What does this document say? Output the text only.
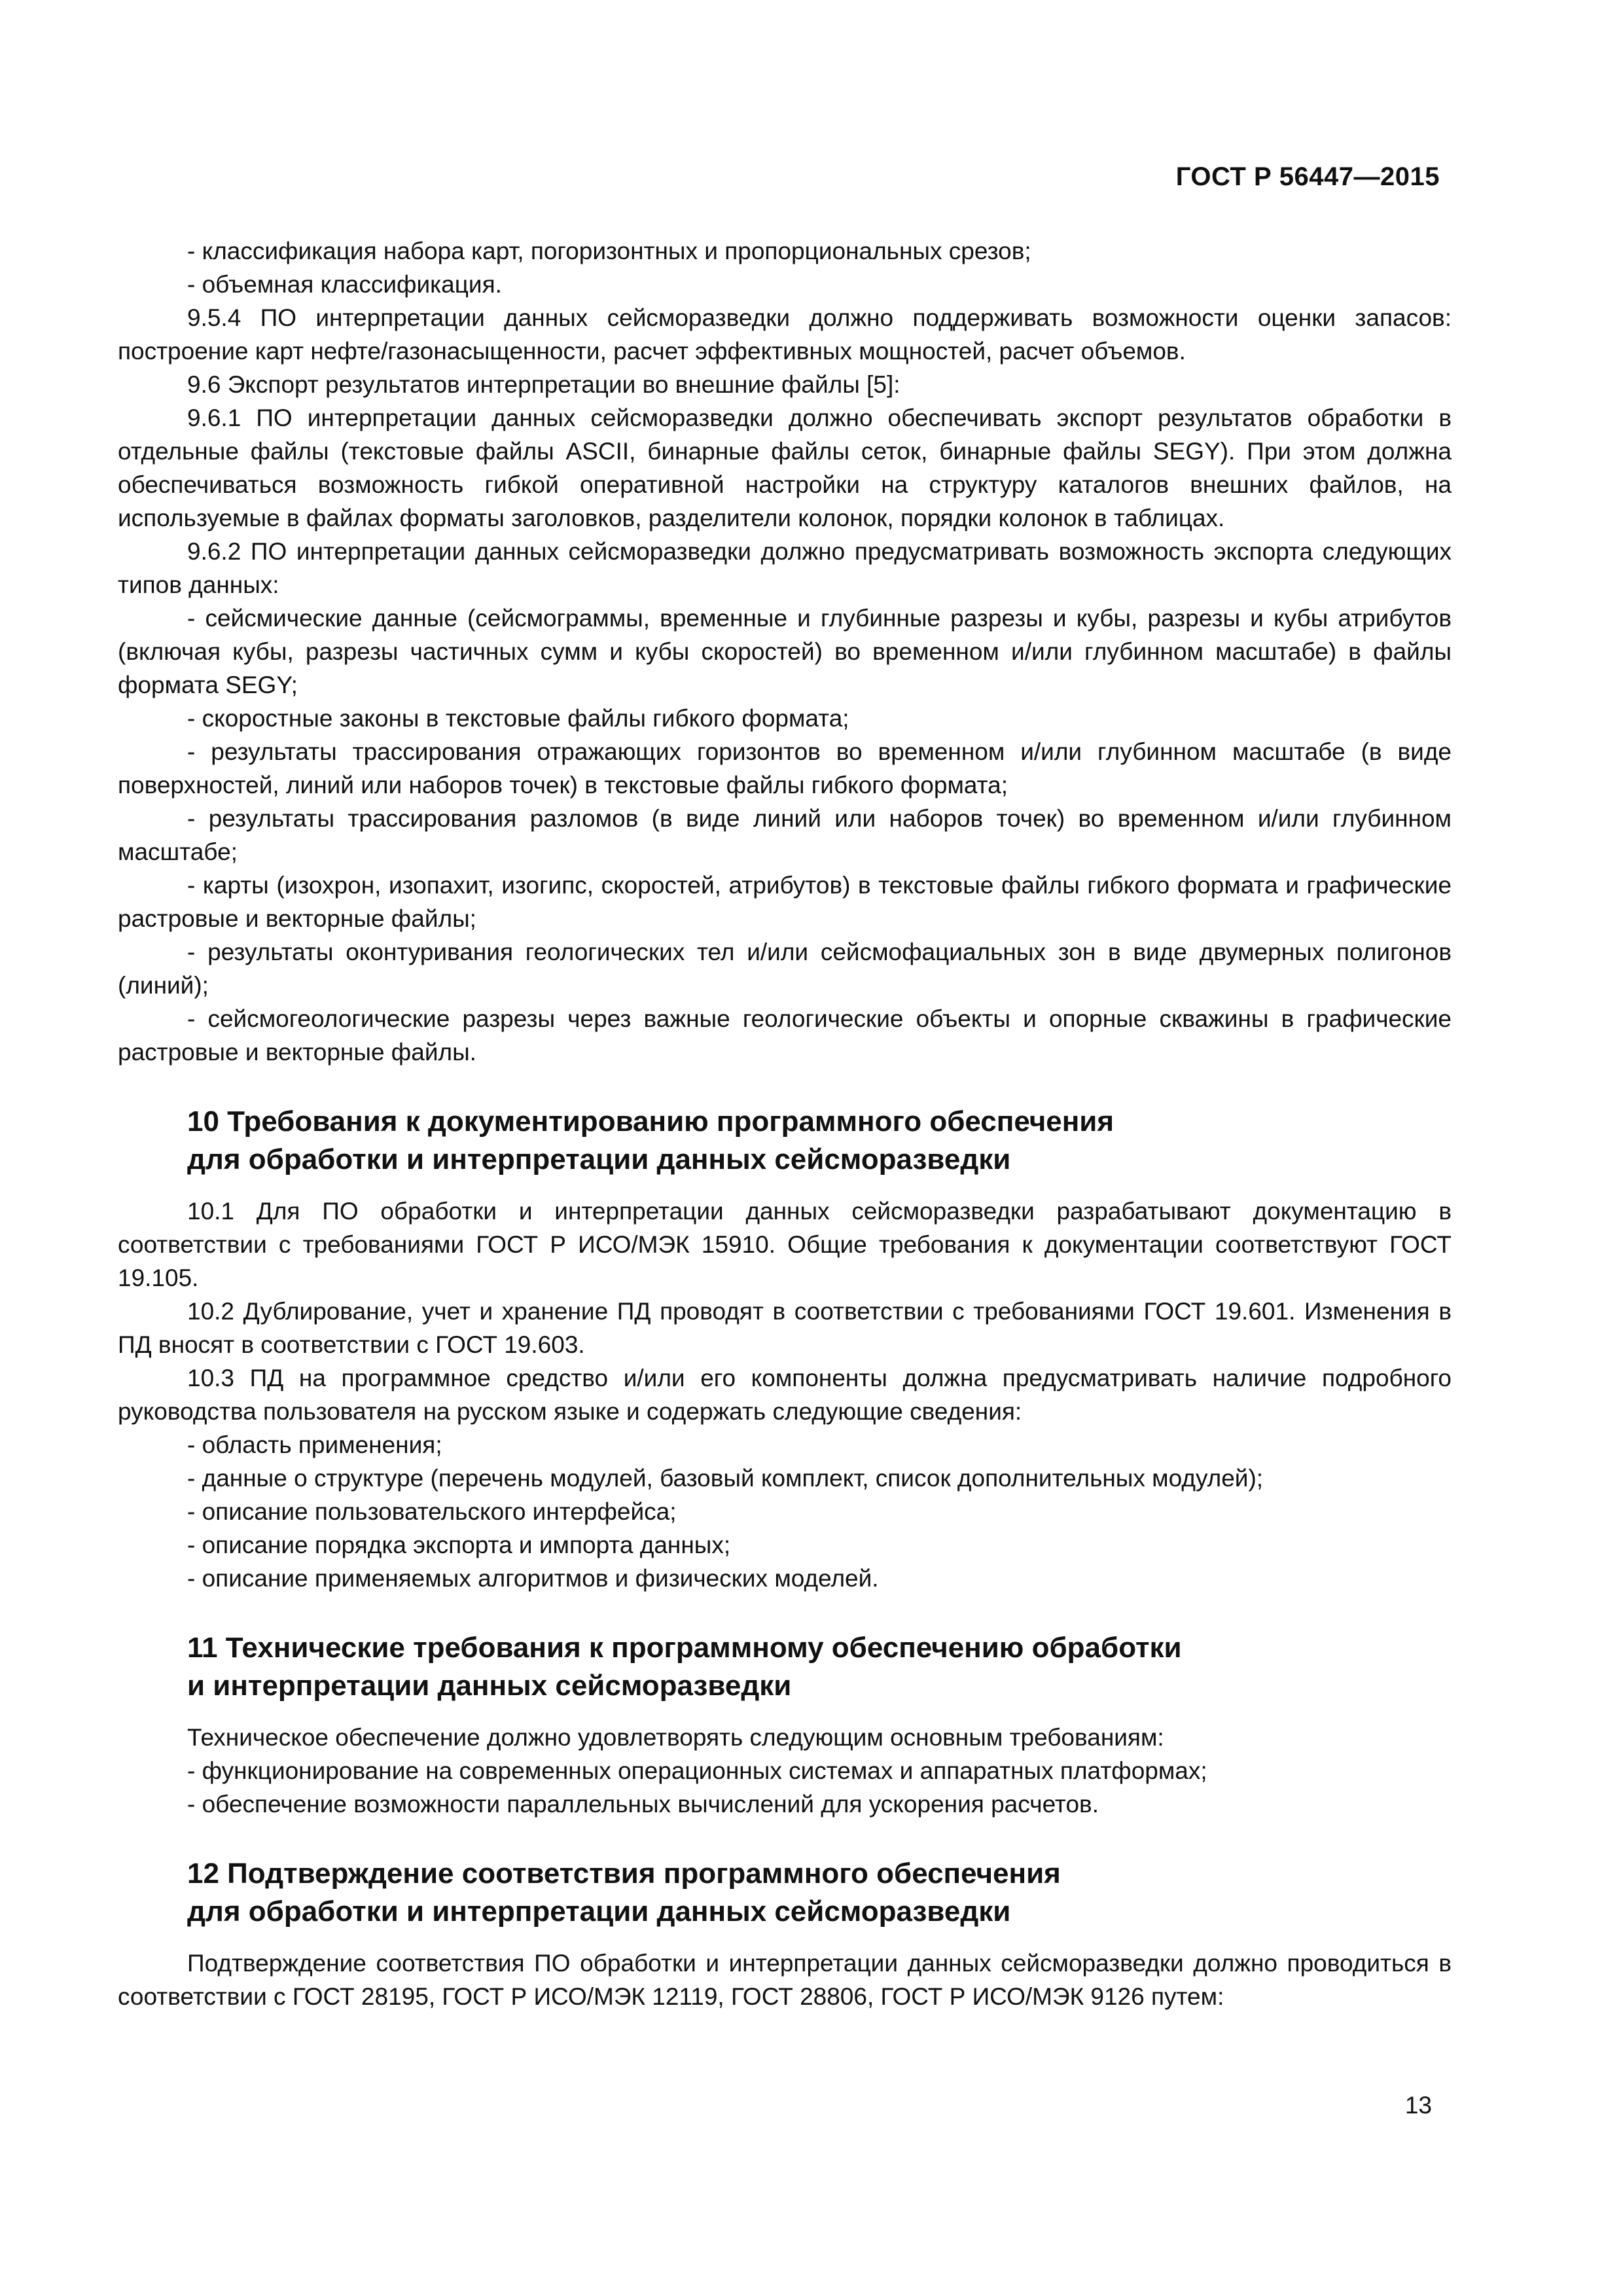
ГОСТ Р 56447—2015

- классификация набора карт, погоризонтных и пропорциональных срезов;

- объемная классификация.

9.5.4 ПО интерпретации данных сейсморазведки должно поддерживать возможности оценки запасов: построение карт нефте/газонасыщенности, расчет эффективных мощностей, расчет объемов.

9.6 Экспорт результатов интерпретации во внешние файлы [5]:

9.6.1 ПО интерпретации данных сейсморазведки должно обеспечивать экспорт результатов обработки в отдельные файлы (текстовые файлы ASCII, бинарные файлы сеток, бинарные файлы SEGY). При этом должна обеспечиваться возможность гибкой оперативной настройки на структуру каталогов внешних файлов, на используемые в файлах форматы заголовков, разделители колонок, порядки колонок в таблицах.

9.6.2 ПО интерпретации данных сейсморазведки должно предусматривать возможность экспорта следующих типов данных:

- сейсмические данные (сейсмограммы, временные и глубинные разрезы и кубы, разрезы и кубы атрибутов (включая кубы, разрезы частичных сумм и кубы скоростей) во временном и/или глубинном масштабе) в файлы формата SEGY;

- скоростные законы в текстовые файлы гибкого формата;

- результаты трассирования отражающих горизонтов во временном и/или глубинном масштабе (в виде поверхностей, линий или наборов точек) в текстовые файлы гибкого формата;

- результаты трассирования разломов (в виде линий или наборов точек) во временном и/или глубинном масштабе;

- карты (изохрон, изопахит, изогипс, скоростей, атрибутов) в текстовые файлы гибкого формата и графические растровые и векторные файлы;

- результаты оконтуривания геологических тел и/или сейсмофациальных зон в виде двумерных полигонов (линий);

- сейсмогеологические разрезы через важные геологические объекты и опорные скважины в графические растровые и векторные файлы.

10 Требования к документированию программного обеспечения
для обработки и интерпретации данных сейсморазведки

10.1 Для ПО обработки и интерпретации данных сейсморазведки разрабатывают документацию в соответствии с требованиями ГОСТ Р ИСО/МЭК 15910. Общие требования к документации соответствуют ГОСТ 19.105.

10.2 Дублирование, учет и хранение ПД проводят в соответствии с требованиями ГОСТ 19.601. Изменения в ПД вносят в соответствии с ГОСТ 19.603.

10.3 ПД на программное средство и/или его компоненты должна предусматривать наличие подробного руководства пользователя на русском языке и содержать следующие сведения:

- область применения;

- данные о структуре (перечень модулей, базовый комплект, список дополнительных модулей);

- описание пользовательского интерфейса;

- описание порядка экспорта и импорта данных;

- описание применяемых алгоритмов и физических моделей.

11 Технические требования к программному обеспечению обработки
и интерпретации данных сейсморазведки

Техническое обеспечение должно удовлетворять следующим основным требованиям:

- функционирование на современных операционных системах и аппаратных платформах;

- обеспечение возможности параллельных вычислений для ускорения расчетов.

12 Подтверждение соответствия программного обеспечения
для обработки и интерпретации данных сейсморазведки

Подтверждение соответствия ПО обработки и интерпретации данных сейсморазведки должно проводиться в соответствии с ГОСТ 28195, ГОСТ Р ИСО/МЭК 12119, ГОСТ 28806, ГОСТ Р ИСО/МЭК 9126 путем:

13
